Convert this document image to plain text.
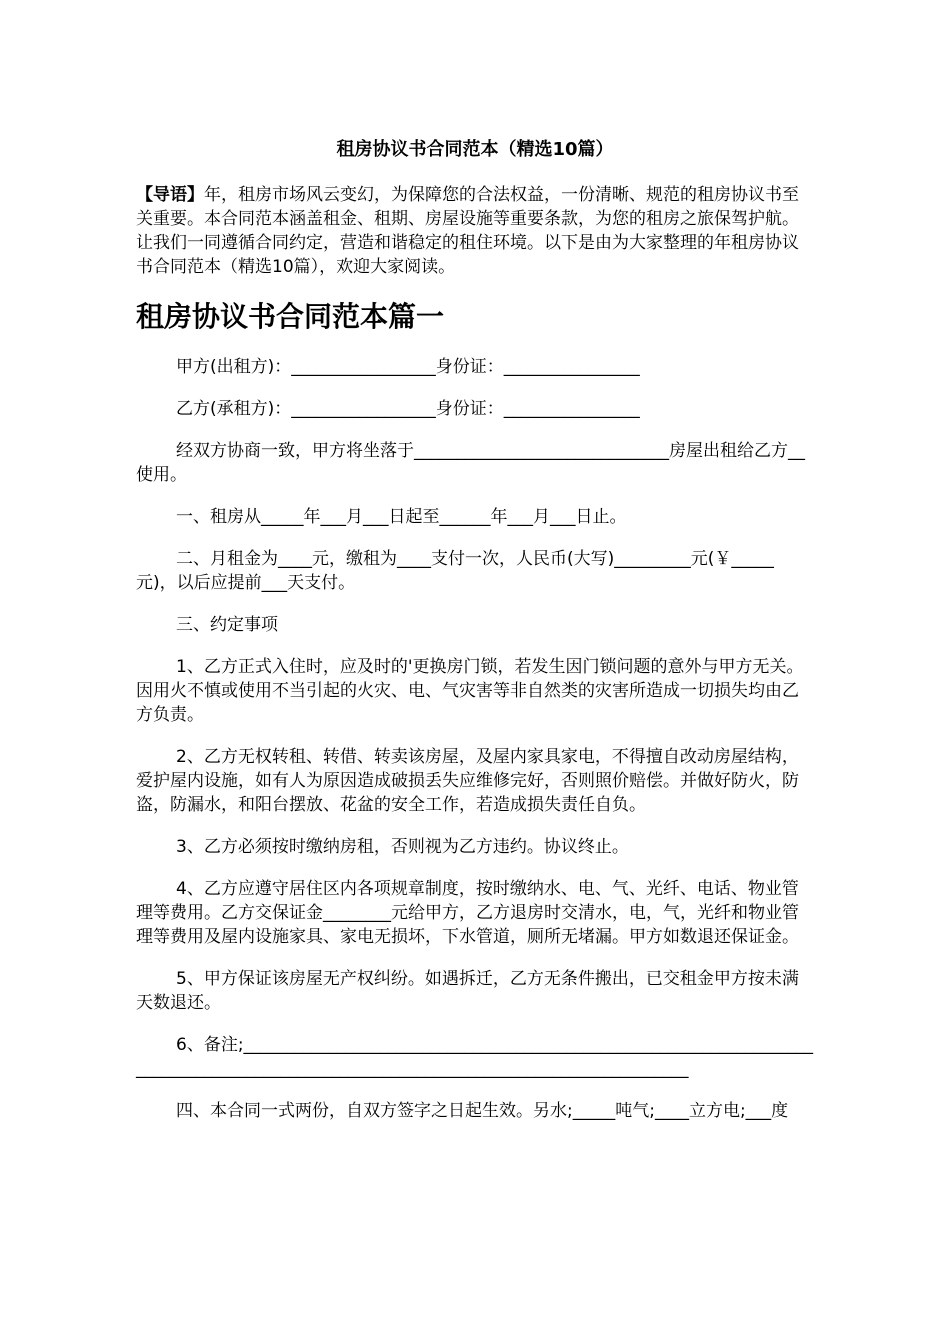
租房协议书合同范本（精选10篇）

【导语】年，租房市场风云变幻，为保障您的合法权益，一份清晰、规范的租房协议书至关重要。本合同范本涵盖租金、租期、房屋设施等重要条款，为您的租房之旅保驾护航。让我们一同遵循合同约定，营造和谐稳定的租住环境。以下是由为大家整理的年租房协议书合同范本（精选10篇），欢迎大家阅读。

租房协议书合同范本篇一

甲方(出租方)：_________________身份证：________________

乙方(承租方)：_________________身份证：________________

经双方协商一致，甲方将坐落于______________________________房屋出租给乙方__使用。

一、租房从_____年___月___日起至______年___月___日止。

二、月租金为____元，缴租为____支付一次，人民币(大写)_________元(￥_____元)，以后应提前___天支付。

三、约定事项

1、乙方正式入住时，应及时的'更换房门锁，若发生因门锁问题的意外与甲方无关。因用火不慎或使用不当引起的火灾、电、气灾害等非自然类的灾害所造成一切损失均由乙方负责。

2、乙方无权转租、转借、转卖该房屋，及屋内家具家电，不得擅自改动房屋结构，爱护屋内设施，如有人为原因造成破损丢失应维修完好，否则照价赔偿。并做好防火，防盗，防漏水，和阳台摆放、花盆的安全工作，若造成损失责任自负。

3、乙方必须按时缴纳房租，否则视为乙方违约。协议终止。

4、乙方应遵守居住区内各项规章制度，按时缴纳水、电、气、光纤、电话、物业管理等费用。乙方交保证金________元给甲方，乙方退房时交清水，电，气，光纤和物业管理等费用及屋内设施家具、家电无损坏，下水管道，厕所无堵漏。甲方如数退还保证金。

5、甲方保证该房屋无产权纠纷。如遇拆迁，乙方无条件搬出，已交租金甲方按未满天数退还。

6、备注;____________________________________________________________________________________________________________________________________

四、本合同一式两份，自双方签字之日起生效。另水;_____吨气;____立方电;___度
